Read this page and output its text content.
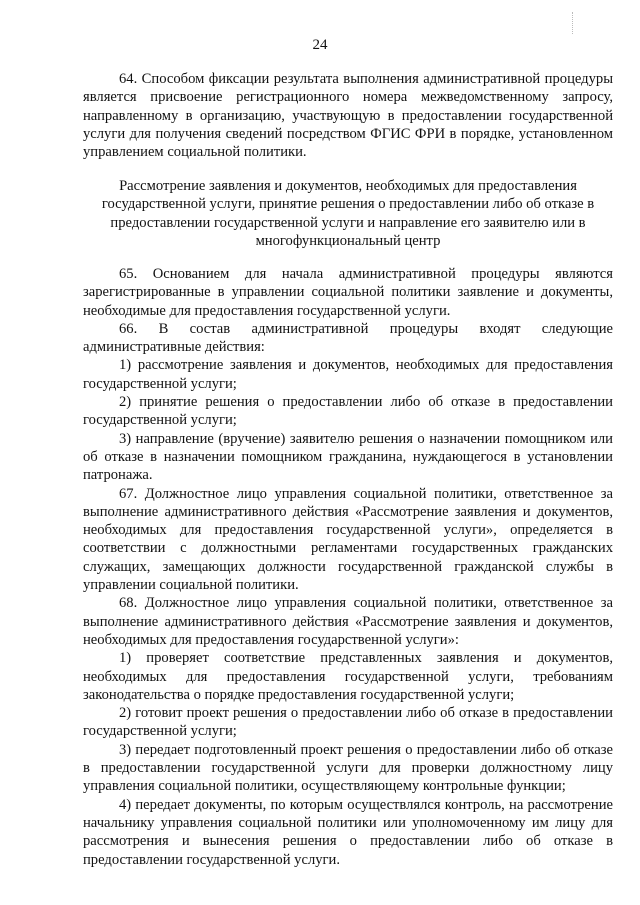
24

64. Способом фиксации результата выполнения административной процедуры является присвоение регистрационного номера межведомственному запросу, направленному в организацию, участвующую в предоставлении государственной услуги для получения сведений посредством ФГИС ФРИ в порядке, установленном управлением социальной политики.

Рассмотрение заявления и документов, необходимых для предоставления государственной услуги, принятие решения о предоставлении либо об отказе в предоставлении государственной услуги и направление его заявителю или в многофункциональный центр

65. Основанием для начала административной процедуры являются зарегистрированные в управлении социальной политики заявление и документы, необходимые для предоставления государственной услуги.

66. В состав административной процедуры входят следующие административные действия:

1) рассмотрение заявления и документов, необходимых для предоставления государственной услуги;

2) принятие решения о предоставлении либо об отказе в предоставлении государственной услуги;

3) направление (вручение) заявителю решения о назначении помощником или об отказе в назначении помощником гражданина, нуждающегося в установлении патронажа.

67. Должностное лицо управления социальной политики, ответственное за выполнение административного действия «Рассмотрение заявления и документов, необходимых для предоставления государственной услуги», определяется в соответствии с должностными регламентами государственных гражданских служащих, замещающих должности государственной гражданской службы в управлении социальной политики.

68. Должностное лицо управления социальной политики, ответственное за выполнение административного действия «Рассмотрение заявления и документов, необходимых для предоставления государственной услуги»:

1) проверяет соответствие представленных заявления и документов, необходимых для предоставления государственной услуги, требованиям законодательства о порядке предоставления государственной услуги;

2) готовит проект решения о предоставлении либо об отказе в предоставлении государственной услуги;

3) передает подготовленный проект решения о предоставлении либо об отказе в предоставлении государственной услуги для проверки должностному лицу управления социальной политики, осуществляющему контрольные функции;

4) передает документы, по которым осуществлялся контроль, на рассмотрение начальнику управления социальной политики или уполномоченному им лицу для рассмотрения и вынесения решения о предоставлении либо об отказе в предоставлении государственной услуги.
